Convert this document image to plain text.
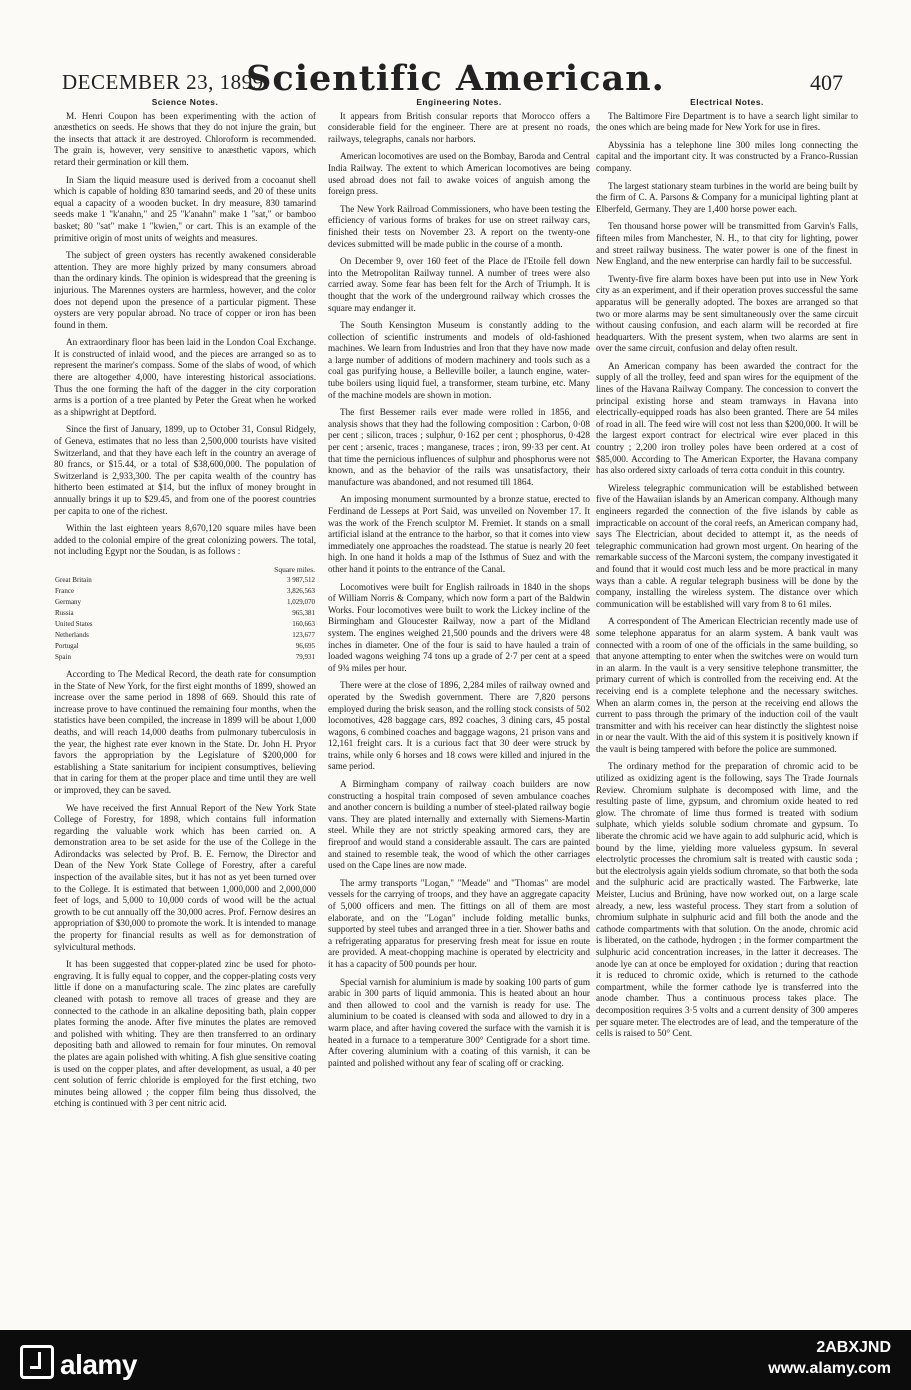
DECEMBER 23, 1899.
Scientific American.	407
Science Notes.

M. Henri Coupon has been experimenting with the action of anæsthetics on seeds. He shows that they do not injure the grain, but the insects that attack it are destroyed. Chloroform is recommended. The grain is, however, very sensitive to anæsthetic vapors, which retard their germination or kill them.

In Siam the liquid measure used is derived from a cocoanut shell which is capable of holding 830 tamarind seeds, and 20 of these units equal a capacity of a wooden bucket. In dry measure, 830 tamarind seeds make 1 "k'anahn," and 25 "k'anahn" make 1 "sat," or bamboo basket; 80 "sat" make 1 "kwien," or cart. This is an example of the primitive origin of most units of weights and measures.

The subject of green oysters has recently awakened considerable attention. They are more highly prized by many consumers abroad than the ordinary kinds. The opinion is widespread that the greening is injurious. The Marennes oysters are harmless, however, and the color does not depend upon the presence of a particular pigment. These oysters are very popular abroad. No trace of copper or iron has been found in them.

An extraordinary floor has been laid in the London Coal Exchange. It is constructed of inlaid wood, and the pieces are arranged so as to represent the mariner's compass. Some of the slabs of wood, of which there are altogether 4,000, have interesting historical associations. Thus the one forming the haft of the dagger in the city corporation arms is a portion of a tree planted by Peter the Great when he worked as a shipwright at Deptford.

Since the first of January, 1899, up to October 31, Consul Ridgely, of Geneva, estimates that no less than 2,500,000 tourists have visited Switzerland, and that they have each left in the country an average of 80 francs, or $15.44, or a total of $38,600,000. The population of Switzerland is 2,933,300. The per capita wealth of the country has hitherto been estimated at $14, but the influx of money brought in annually brings it up to $29.45, and from one of the poorest countries per capita to one of the richest.

Within the last eighteen years 8,670,120 square miles have been added to the colonial empire of the great colonizing powers. The total, not including Egypt nor the Soudan, is as follows :

Square miles.	
Great Britain	3 987,512
France	3,826,563
Germany	1,029,070
Russia	965,381
United States	160,663
Netherlands	123,677
Portugal	96,695
Spain	79,931

According to The Medical Record, the death rate for consumption in the State of New York, for the first eight months of 1899, showed an increase over the same period in 1898 of 669. Should this rate of increase prove to have continued the remaining four months, when the statistics have been compiled, the increase in 1899 will be about 1,000 deaths, and will reach 14,000 deaths from pulmonary tuberculosis in the year, the highest rate ever known in the State. Dr. John H. Pryor favors the appropriation by the Legislature of $200,000 for establishing a State sanitarium for incipient consumptives, believing that in caring for them at the proper place and time until they are well or improved, they can be saved.

We have received the first Annual Report of the New York State College of Forestry, for 1898, which contains full information regarding the valuable work which has been carried on. A demonstration area to be set aside for the use of the College in the Adirondacks was selected by Prof. B. E. Fernow, the Director and Dean of the New York State College of Forestry, after a careful inspection of the available sites, but it has not as yet been turned over to the College. It is estimated that between 1,000,000 and 2,000,000 feet of logs, and 5,000 to 10,000 cords of wood will be the actual growth to be cut annually off the 30,000 acres. Prof. Fernow desires an appropriation of $30,000 to promote the work. It is intended to manage the property for financial results as well as for demonstration of sylvicultural methods.

It has been suggested that copper-plated zinc be used for photo-engraving. It is fully equal to copper, and the copper-plating costs very little if done on a manufacturing scale. The zinc plates are carefully cleaned with potash to remove all traces of grease and they are connected to the cathode in an alkaline depositing bath, plain copper plates forming the anode. After five minutes the plates are removed and polished with whiting. They are then transferred to an ordinary depositing bath and allowed to remain for four minutes. On removal the plates are again polished with whiting. A fish glue sensitive coating is used on the copper plates, and after development, as usual, a 40 per cent solution of ferric chloride is employed for the first etching, two minutes being allowed ; the copper film being thus dissolved, the etching is continued with 3 per cent nitric acid.

Engineering Notes.

It appears from British consular reports that Morocco offers a considerable field for the engineer. There are at present no roads, railways, telegraphs, canals nor harbors.

American locomotives are used on the Bombay, Baroda and Central India Railway. The extent to which American locomotives are being used abroad does not fail to awake voices of anguish among the foreign press.

The New York Railroad Commissioners, who have been testing the efficiency of various forms of brakes for use on street railway cars, finished their tests on November 23. A report on the twenty-one devices submitted will be made public in the course of a month.

On December 9, over 160 feet of the Place de l'Etoile fell down into the Metropolitan Railway tunnel. A number of trees were also carried away. Some fear has been felt for the Arch of Triumph. It is thought that the work of the underground railway which crosses the square may endanger it.

The South Kensington Museum is constantly adding to the collection of scientific instruments and models of old-fashioned machines. We learn from Industries and Iron that they have now made a large number of additions of modern machinery and tools such as a coal gas purifying house, a Belleville boiler, a launch engine, water-tube boilers using liquid fuel, a transformer, steam turbine, etc. Many of the machine models are shown in motion.

The first Bessemer rails ever made were rolled in 1856, and analysis shows that they had the following composition : Carbon, 0·08 per cent ; silicon, traces ; sulphur, 0·162 per cent ; phosphorus, 0·428 per cent ; arsenic, traces ; manganese, traces ; iron, 99·33 per cent. At that time the pernicious influences of sulphur and phosphorus were not known, and as the behavior of the rails was unsatisfactory, their manufacture was abandoned, and not resumed till 1864.

An imposing monument surmounted by a bronze statue, erected to Ferdinand de Lesseps at Port Said, was unveiled on November 17. It was the work of the French sculptor M. Fremiet. It stands on a small artificial island at the entrance to the harbor, so that it comes into view immediately one approaches the roadstead. The statue is nearly 20 feet high. In one hand it holds a map of the Isthmus of Suez and with the other hand it points to the entrance of the Canal.

Locomotives were built for English railroads in 1840 in the shops of William Norris & Company, which now form a part of the Baldwin Works. Four locomotives were built to work the Lickey incline of the Birmingham and Gloucester Railway, now a part of the Midland system. The engines weighed 21,500 pounds and the drivers were 48 inches in diameter. One of the four is said to have hauled a train of loaded wagons weighing 74 tons up a grade of 2·7 per cent at a speed of 9¾ miles per hour.

There were at the close of 1896, 2,284 miles of railway owned and operated by the Swedish government. There are 7,820 persons employed during the brisk season, and the rolling stock consists of 502 locomotives, 428 baggage cars, 892 coaches, 3 dining cars, 45 postal wagons, 6 combined coaches and baggage wagons, 21 prison vans and 12,161 freight cars. It is a curious fact that 30 deer were struck by trains, while only 6 horses and 18 cows were killed and injured in the same period.

A Birmingham company of railway coach builders are now constructing a hospital train composed of seven ambulance coaches and another concern is building a number of steel-plated railway bogie vans. They are plated internally and externally with Siemens-Martin steel. While they are not strictly speaking armored cars, they are fireproof and would stand a considerable assault. The cars are painted and stained to resemble teak, the wood of which the other carriages used on the Cape lines are now made.

The army transports "Logan," "Meade" and "Thomas" are model vessels for the carrying of troops, and they have an aggregate capacity of 5,000 officers and men. The fittings on all of them are most elaborate, and on the "Logan" include folding metallic bunks, supported by steel tubes and arranged three in a tier. Shower baths and a refrigerating apparatus for preserving fresh meat for issue en route are provided. A meat-chopping machine is operated by electricity and it has a capacity of 500 pounds per hour.

Special varnish for aluminium is made by soaking 100 parts of gum arabic in 300 parts of liquid ammonia. This is heated about an hour and then allowed to cool and the varnish is ready for use. The aluminium to be coated is cleansed with soda and allowed to dry in a warm place, and after having covered the surface with the varnish it is heated in a furnace to a temperature 300° Centigrade for a short time. After covering aluminium with a coating of this varnish, it can be painted and polished without any fear of scaling off or cracking.

Electrical Notes.

The Baltimore Fire Department is to have a search light similar to the ones which are being made for New York for use in fires.

Abyssinia has a telephone line 300 miles long connecting the capital and the important city. It was constructed by a Franco-Russian company.

The largest stationary steam turbines in the world are being built by the firm of C. A. Parsons & Company for a municipal lighting plant at Elberfeld, Germany. They are 1,400 horse power each.

Ten thousand horse power will be transmitted from Garvin's Falls, fifteen miles from Manchester, N. H., to that city for lighting, power and street railway business. The water power is one of the finest in New England, and the new enterprise can hardly fail to be successful.

Twenty-five fire alarm boxes have been put into use in New York city as an experiment, and if their operation proves successful the same apparatus will be generally adopted. The boxes are arranged so that two or more alarms may be sent simultaneously over the same circuit without causing confusion, and each alarm will be recorded at fire headquarters. With the present system, when two alarms are sent in over the same circuit, confusion and delay often result.

An American company has been awarded the contract for the supply of all the trolley, feed and span wires for the equipment of the lines of the Havana Railway Company. The concession to convert the principal existing horse and steam tramways in Havana into electrically-equipped roads has also been granted. There are 54 miles of road in all. The feed wire will cost not less than $200,000. It will be the largest export contract for electrical wire ever placed in this country ; 2,200 iron trolley poles have been ordered at a cost of $85,000. According to The American Exporter, the Havana company has also ordered sixty carloads of terra cotta conduit in this country.

Wireless telegraphic communication will be established between five of the Hawaiian islands by an American company. Although many engineers regarded the connection of the five islands by cable as impracticable on account of the coral reefs, an American company had, says The Electrician, about decided to attempt it, as the needs of telegraphic communication had grown most urgent. On hearing of the remarkable success of the Marconi system, the company investigated it and found that it would cost much less and be more practical in many ways than a cable. A regular telegraph business will be done by the company, installing the wireless system. The distance over which communication will be established will vary from 8 to 61 miles.

A correspondent of The American Electrician recently made use of some telephone apparatus for an alarm system. A bank vault was connected with a room of one of the officials in the same building, so that anyone attempting to enter when the switches were on would turn in an alarm. In the vault is a very sensitive telephone transmitter, the primary current of which is controlled from the receiving end. At the receiving end is a complete telephone and the necessary switches. When an alarm comes in, the person at the receiving end allows the current to pass through the primary of the induction coil of the vault transmitter and with his receiver can hear distinctly the slightest noise in or near the vault. With the aid of this system it is positively known if the vault is being tampered with before the police are summoned.

The ordinary method for the preparation of chromic acid to be utilized as oxidizing agent is the following, says The Trade Journals Review. Chromium sulphate is decomposed with lime, and the resulting paste of lime, gypsum, and chromium oxide heated to red glow. The chromate of lime thus formed is treated with sodium sulphate, which yields soluble sodium chromate and gypsum. To liberate the chromic acid we have again to add sulphuric acid, which is bound by the lime, yielding more valueless gypsum. In several electrolytic processes the chromium salt is treated with caustic soda ; but the electrolysis again yields sodium chromate, so that both the soda and the sulphuric acid are practically wasted. The Farbwerke, late Meister, Lucius and Brüning, have now worked out, on a large scale already, a new, less wasteful process. They start from a solution of chromium sulphate in sulphuric acid and fill both the anode and the cathode compartments with that solution. On the anode, chromic acid is liberated, on the cathode, hydrogen ; in the former compartment the sulphuric acid concentration increases, in the latter it decreases. The anode lye can at once be employed for oxidation ; during that reaction it is reduced to chromic oxide, which is returned to the cathode compartment, while the former cathode lye is transferred into the anode chamber. Thus a continuous process takes place. The decomposition requires 3·5 volts and a current density of 300 amperes per square meter. The electrodes are of lead, and the temperature of the cells is raised to 50° Cent.

alamy
2ABXJND
www.alamy.com
